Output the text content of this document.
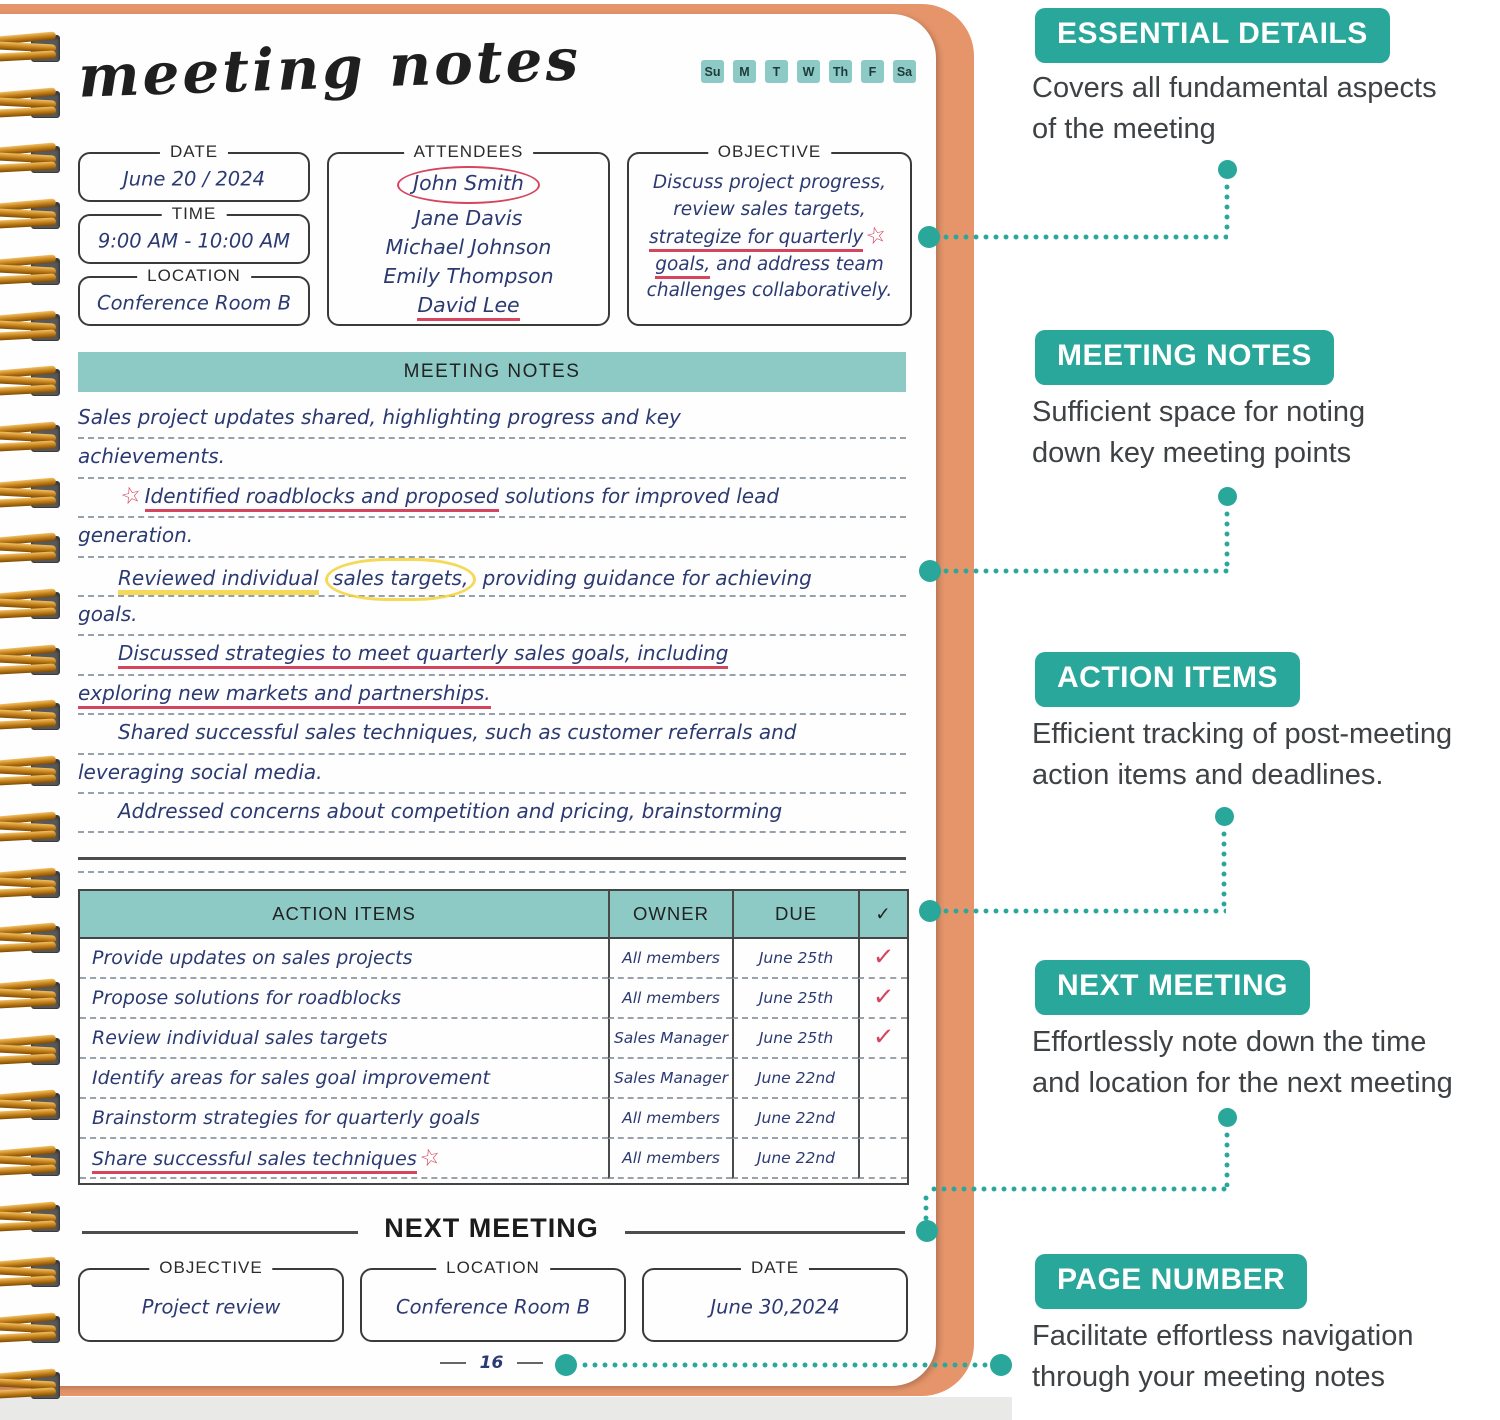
meeting notes	Su	M	T	W	Th	F	Sa
DATE
June 20 / 2024
TIME
9:00 AM - 10:00 AM
LOCATION
Conference Room B
ATTENDEES
John Smith
Jane Davis
Michael Johnson
Emily Thompson
David Lee
OBJECTIVE
Discuss project progress,
review sales targets,
strategize for quarterly☆
goals, and address team
challenges collaboratively.
MEETING NOTES
Sales project updates shared, highlighting progress and key
achievements.
☆Identified roadblocks and proposed solutions for improved lead
generation.
Reviewed individual sales targets, providing guidance for achieving
goals.
Discussed strategies to meet quarterly sales goals, including
exploring new markets and partnerships.
Shared successful sales techniques, such as customer referrals and
leveraging social media.
Addressed concerns about competition and pricing, brainstorming
ACTION ITEMS	OWNER	DUE	✓
Provide updates on sales projects	All members	June 25th	✓
Propose solutions for roadblocks	All members	June 25th	✓
Review individual sales targets	Sales Manager	June 25th	✓
Identify areas for sales goal improvement	Sales Manager	June 22nd
Brainstorm strategies for quarterly goals	All members	June 22nd
Share successful sales techniques☆	All members	June 22nd
NEXT MEETING
OBJECTIVE
Project review
LOCATION
Conference Room B
DATE
June 30,2024
16
ESSENTIAL DETAILS
Covers all fundamental aspects
of the meeting
MEETING NOTES
Sufficient space for noting
down key meeting points
ACTION ITEMS
Efficient tracking of post-meeting
action items and deadlines.
NEXT MEETING
Effortlessly note down the time
and location for the next meeting
PAGE NUMBER
Facilitate effortless navigation
through your meeting notes
